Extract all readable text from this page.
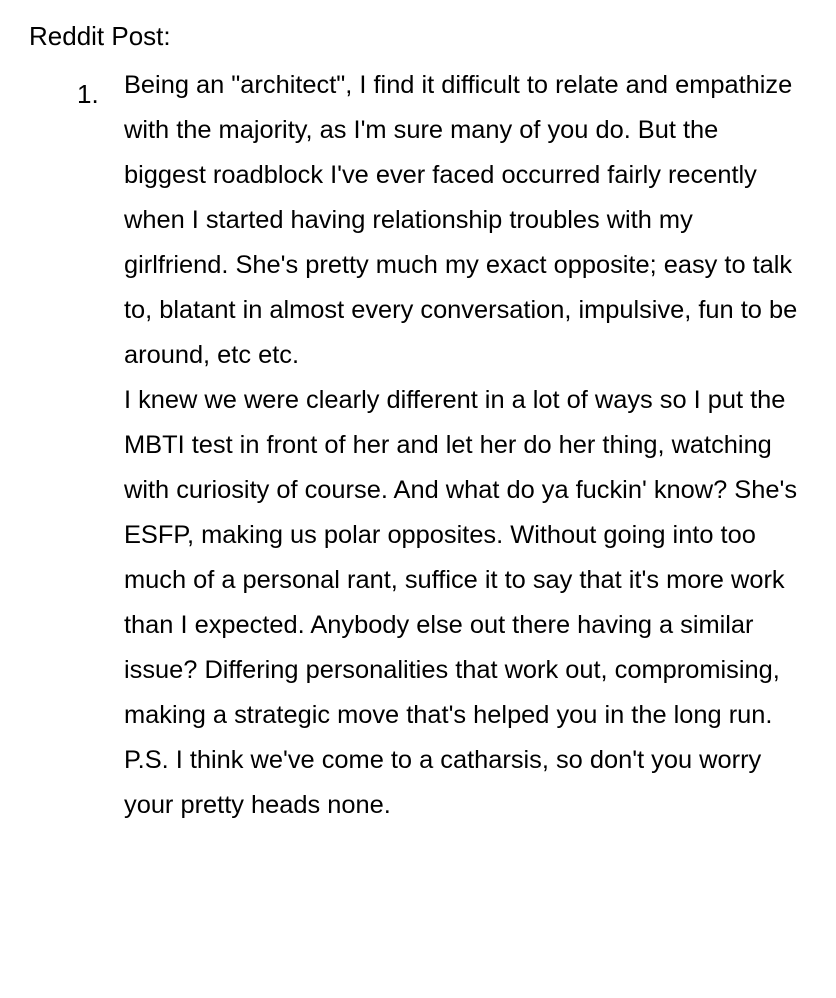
Reddit Post:
1. Being an "architect", I find it difficult to relate and empathize with the majority, as I'm sure many of you do. But the biggest roadblock I've ever faced occurred fairly recently when I started having relationship troubles with my girlfriend. She's pretty much my exact opposite; easy to talk to, blatant in almost every conversation, impulsive, fun to be around, etc etc.

I knew we were clearly different in a lot of ways so I put the MBTI test in front of her and let her do her thing, watching with curiosity of course. And what do ya fuckin' know? She's ESFP, making us polar opposites. Without going into too much of a personal rant, suffice it to say that it's more work than I expected. Anybody else out there having a similar issue? Differing personalities that work out, compromising, making a strategic move that's helped you in the long run.

P.S. I think we've come to a catharsis, so don't you worry your pretty heads none.
